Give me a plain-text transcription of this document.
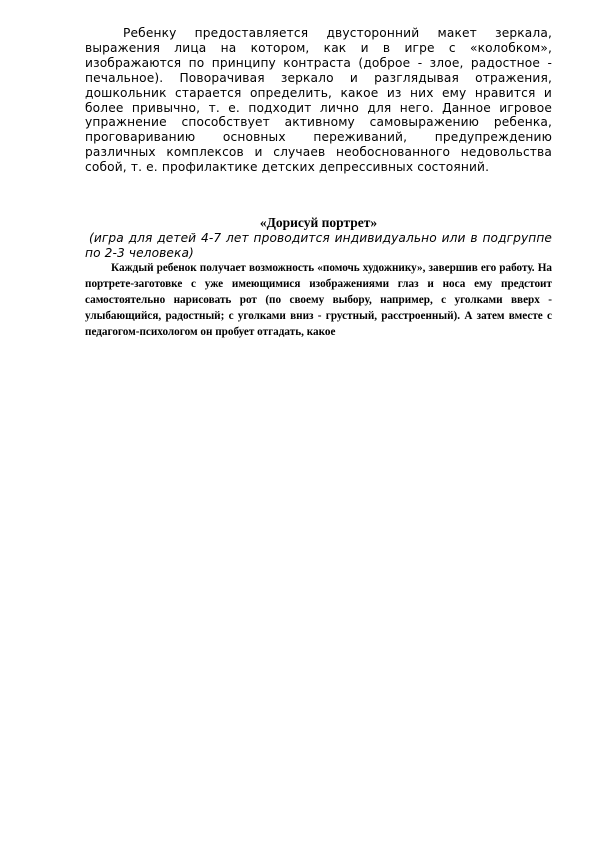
Ребенку предоставляется двусторонний макет зеркала, выражения лица на котором, как и в игре с «колобком», изображаются по принципу контраста (доброе - злое, радостное - печальное). Поворачивая зеркало и разглядывая отражения, дошкольник старается определить, какое из них ему нравится и более привычно, т. е. подходит лично для него. Данное игровое упражнение способствует активному самовыражению ребенка, проговариванию основных переживаний, предупреждению различных комплексов и случаев необоснованного недовольства собой, т. е. профилактике детских депрессивных состояний.

«Дорисуй портрет»

(игра для детей 4-7 лет проводится индивидуально или в подгруппе по 2-3 человека)

Каждый ребенок получает возможность «помочь художнику», завершив его работу. На портрете-заготовке с уже имеющимися изображениями глаз и носа ему предстоит самостоятельно нарисовать рот (по своему выбору, например, с уголками вверх - улыбающийся, радостный; с уголками вниз - грустный, расстроенный). А затем вместе с педагогом-психологом он пробует отгадать, какое
